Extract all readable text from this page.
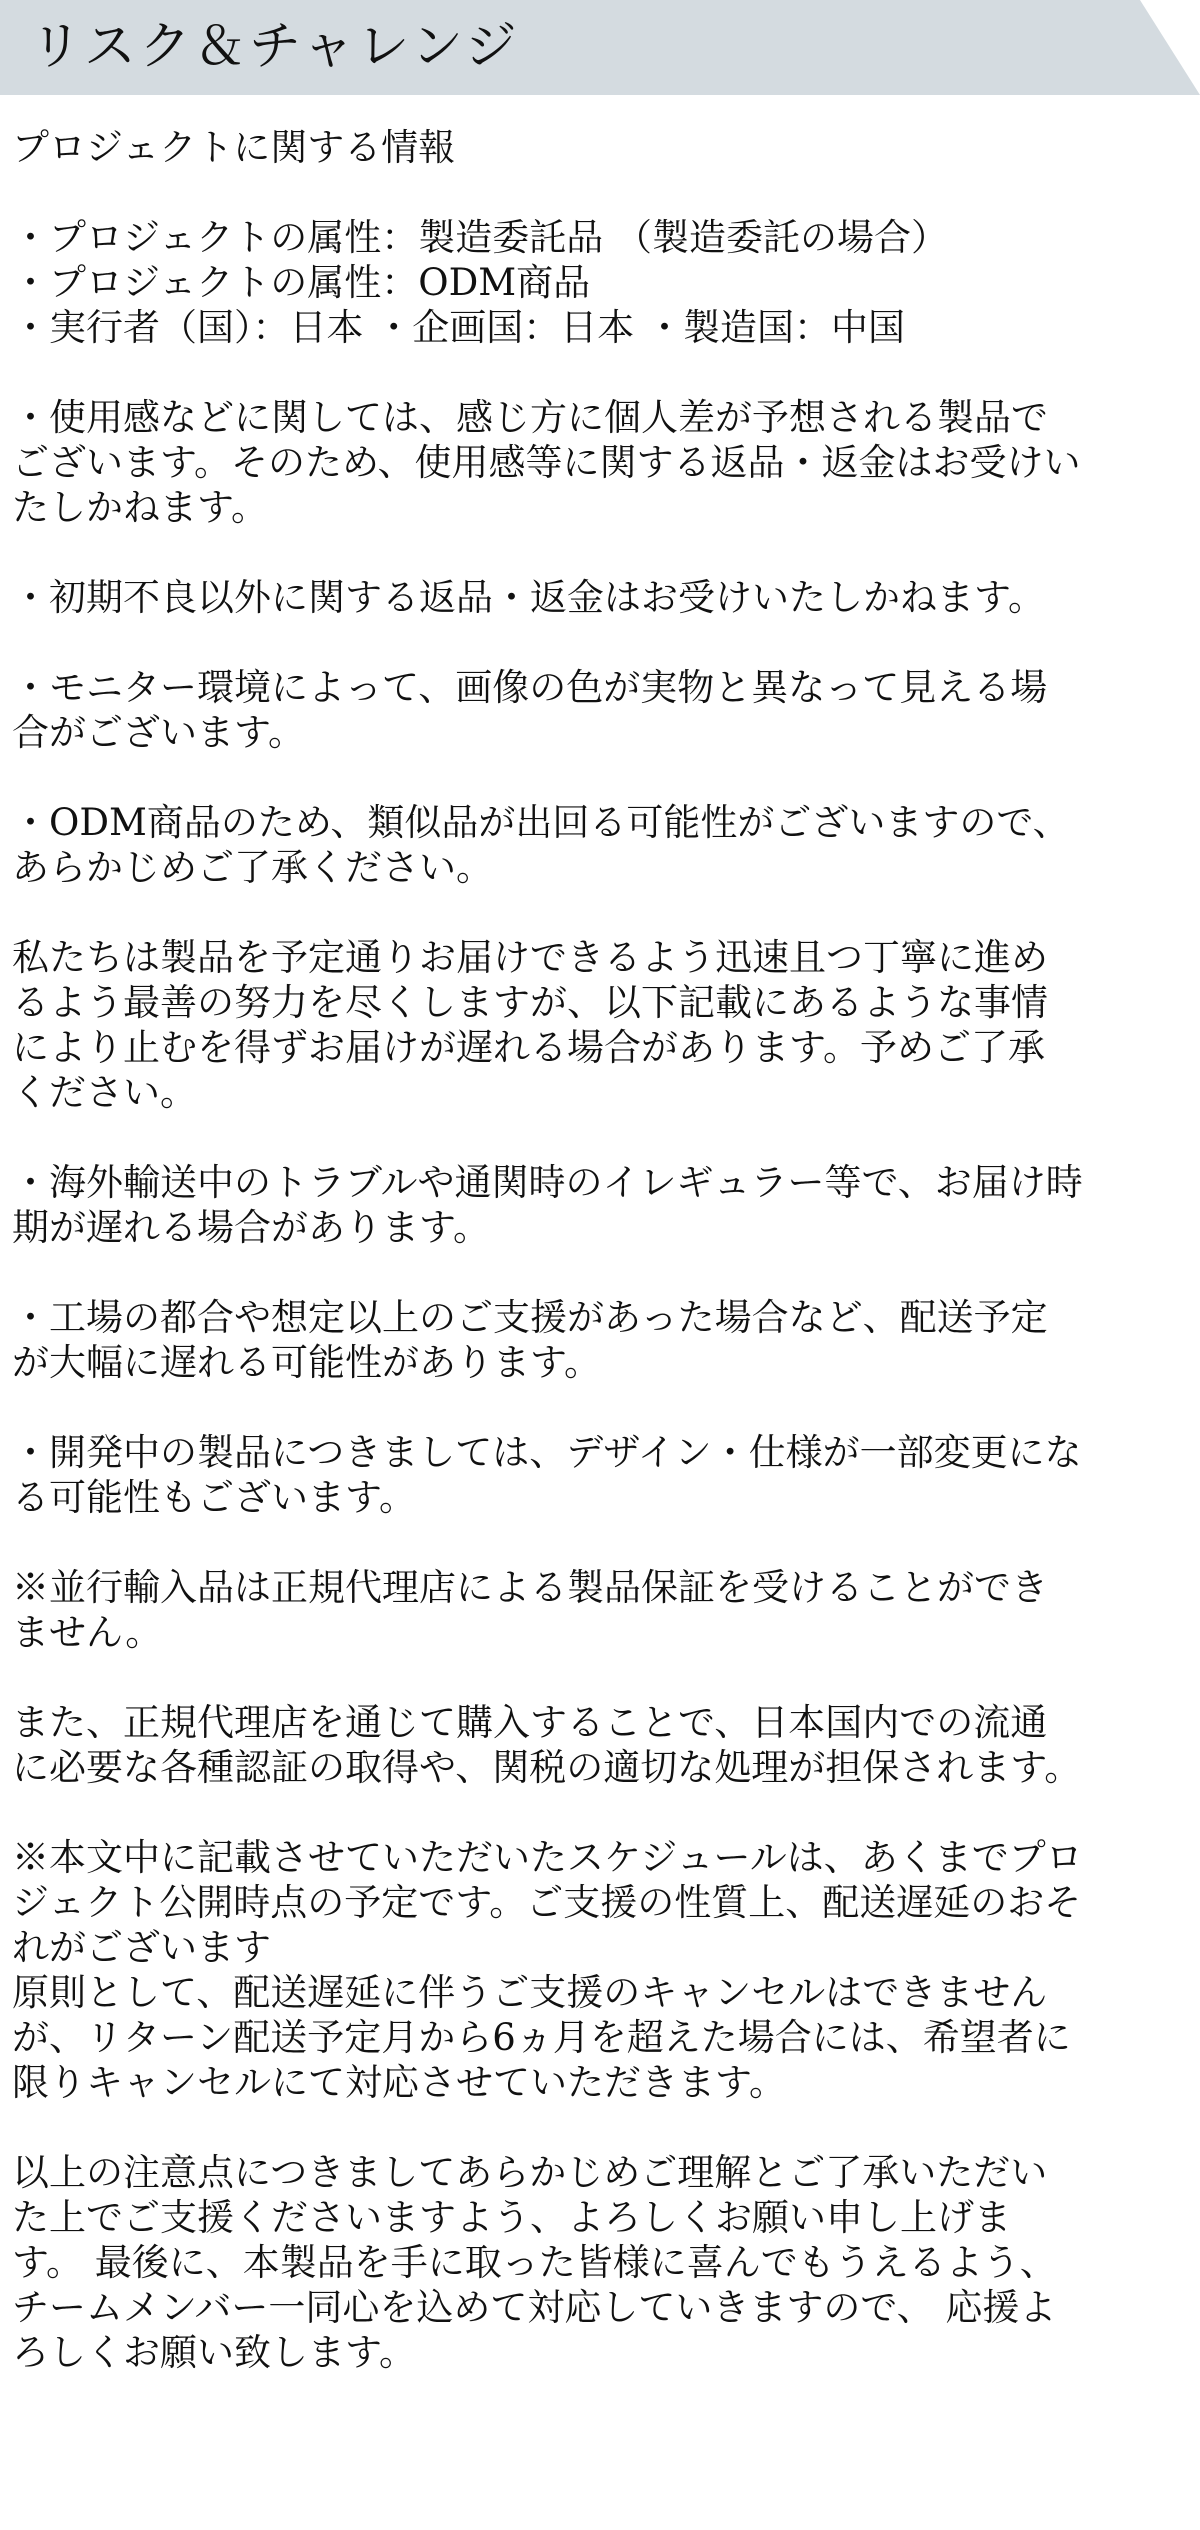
リスク＆チャレンジ

プロジェクトに関する情報

・プロジェクトの属性：製造委託品 （製造委託の場合）
・プロジェクトの属性：ODM商品
・実行者（国）：日本 ・企画国：日本 ・製造国：中国

・使用感などに関しては、感じ方に個人差が予想される製品で
ございます。そのため、使用感等に関する返品・返金はお受けい
たしかねます。

・初期不良以外に関する返品・返金はお受けいたしかねます。

・モニター環境によって、画像の色が実物と異なって見える場
合がございます。

・ODM商品のため、類似品が出回る可能性がございますので、
あらかじめご了承ください。

私たちは製品を予定通りお届けできるよう迅速且つ丁寧に進め
るよう最善の努力を尽くしますが、以下記載にあるような事情
により止むを得ずお届けが遅れる場合があります。予めご了承
ください。

・海外輸送中のトラブルや通関時のイレギュラー等で、お届け時
期が遅れる場合があります。

・工場の都合や想定以上のご支援があった場合など、配送予定
が大幅に遅れる可能性があります。

・開発中の製品につきましては、デザイン・仕様が一部変更にな
る可能性もございます。

※並行輸入品は正規代理店による製品保証を受けることができ
ません。

また、正規代理店を通じて購入することで、日本国内での流通
に必要な各種認証の取得や、関税の適切な処理が担保されます。

※本文中に記載させていただいたスケジュールは、あくまでプロ
ジェクト公開時点の予定です。ご支援の性質上、配送遅延のおそ
れがございます
原則として、配送遅延に伴うご支援のキャンセルはできません
が、リターン配送予定月から6ヵ月を超えた場合には、希望者に
限りキャンセルにて対応させていただきます。

以上の注意点につきましてあらかじめご理解とご了承いただい
た上でご支援くださいますよう、よろしくお願い申し上げま
す。 最後に、本製品を手に取った皆様に喜んでもうえるよう、
チームメンバー一同心を込めて対応していきますので、 応援よ
ろしくお願い致します。
